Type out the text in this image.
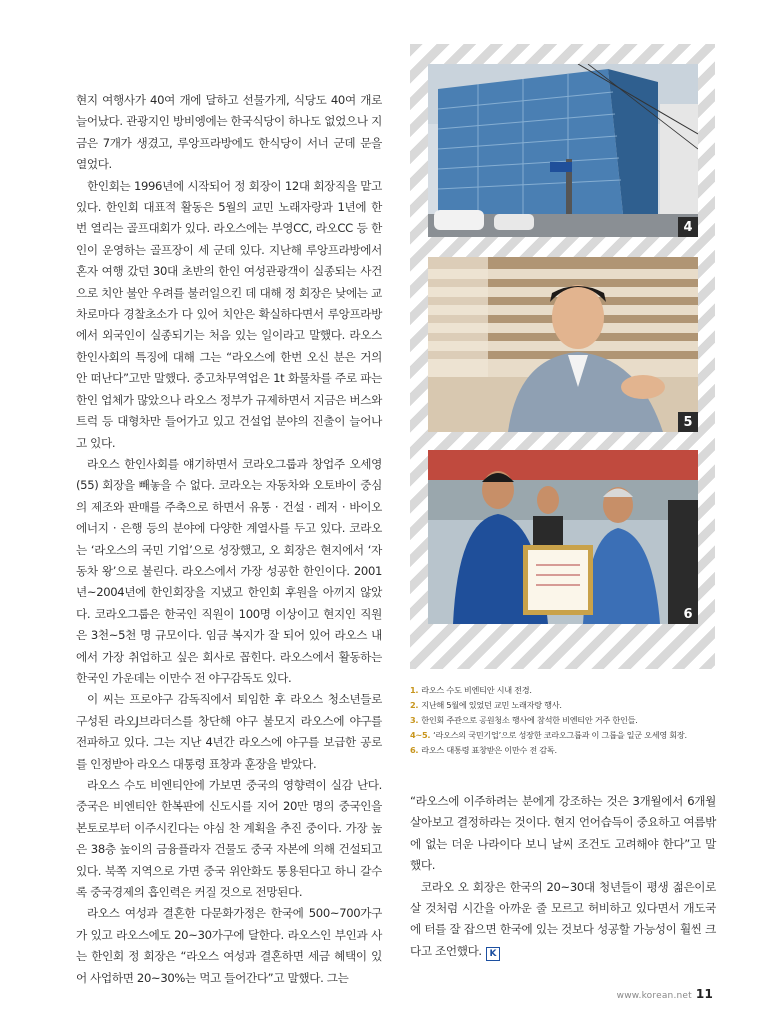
현지 여행사가 40여 개에 달하고 선물가게, 식당도 40여 개로 늘어났다. 관광지인 방비엥에는 한국식당이 하나도 없었으나 지금은 7개가 생겼고, 루앙프라방에도 한식당이 서너 군데 문을 열었다.

한인회는 1996년에 시작되어 정 회장이 12대 회장직을 맡고 있다. 한인회 대표적 활동은 5월의 교민 노래자랑과 1년에 한 번 열리는 골프대회가 있다. 라오스에는 부영CC, 라오CC 등 한인이 운영하는 골프장이 세 군데 있다. 지난해 루앙프라방에서 혼자 여행 갔던 30대 초반의 한인 여성관광객이 실종되는 사건으로 치안 불안 우려를 불러일으킨 데 대해 정 회장은 낮에는 교차로마다 경찰초소가 다 있어 치안은 확실하다면서 루앙프라방에서 외국인이 실종되기는 처음 있는 일이라고 말했다. 라오스 한인사회의 특징에 대해 그는 “라오스에 한번 오신 분은 거의 안 떠난다”고만 말했다. 중고차무역업은 1t 화물차를 주로 파는 한인 업체가 많았으나 라오스 정부가 규제하면서 지금은 버스와 트럭 등 대형차만 들어가고 있고 건설업 분야의 진출이 늘어나고 있다.

라오스 한인사회를 얘기하면서 코라오그룹과 창업주 오세영(55) 회장을 빼놓을 수 없다. 코라오는 자동차와 오토바이 중심의 제조와 판매를 주축으로 하면서 유통 · 건설 · 레저 · 바이오에너지 · 은행 등의 분야에 다양한 계열사를 두고 있다. 코라오는 ‘라오스의 국민 기업’으로 성장했고, 오 회장은 현지에서 ‘자동차 왕’으로 불린다. 라오스에서 가장 성공한 한인이다. 2001년~2004년에 한인회장을 지냈고 한인회 후원을 아끼지 않았다. 코라오그룹은 한국인 직원이 100명 이상이고 현지인 직원은 3천~5천 명 규모이다. 임금 복지가 잘 되어 있어 라오스 내에서 가장 취업하고 싶은 회사로 꼽힌다. 라오스에서 활동하는 한국인 가운데는 이만수 전 야구감독도 있다.

이 씨는 프로야구 감독직에서 퇴임한 후 라오스 청소년들로 구성된 라오J브라더스를 창단해 야구 불모지 라오스에 야구를 전파하고 있다. 그는 지난 4년간 라오스에 야구를 보급한 공로를 인정받아 라오스 대통령 표창과 훈장을 받았다.

라오스 수도 비엔티안에 가보면 중국의 영향력이 실감 난다. 중국은 비엔티안 한복판에 신도시를 지어 20만 명의 중국인을 본토로부터 이주시킨다는 야심 찬 계획을 추진 중이다. 가장 높은 38층 높이의 금융플라자 건물도 중국 자본에 의해 건설되고 있다. 북쪽 지역으로 가면 중국 위안화도 통용된다고 하니 갈수록 중국경제의 흡인력은 커질 것으로 전망된다.

라오스 여성과 결혼한 다문화가정은 한국에 500~700가구가 있고 라오스에도 20~30가구에 달한다. 라오스인 부인과 사는 한인회 정 회장은 “라오스 여성과 결혼하면 세금 혜택이 있어 사업하면 20~30%는 먹고 들어간다”고 말했다. 그는

4
5
6
1. 라오스 수도 비엔티안 시내 전경.
2. 지난해 5월에 있었던 교민 노래자랑 행사.
3. 한인회 주관으로 공원청소 행사에 참석한 비엔티안 거주 한인들.
4~5. ‘라오스의 국민기업’으로 성장한 코라오그룹과 이 그룹을 일군 오세영 회장.
6. 라오스 대통령 표창받은 이만수 전 감독.

“라오스에 이주하려는 분에게 강조하는 것은 3개월에서 6개월 살아보고 결정하라는 것이다. 현지 언어습득이 중요하고 여름밖에 없는 더운 나라이다 보니 날씨 조건도 고려해야 한다”고 말했다.

코라오 오 회장은 한국의 20~30대 청년들이 평생 젊은이로 살 것처럼 시간을 아까운 줄 모르고 허비하고 있다면서 개도국에 터를 잘 잡으면 한국에 있는 것보다 성공할 가능성이 훨씬 크다고 조언했다. K

www.korean.net 11
